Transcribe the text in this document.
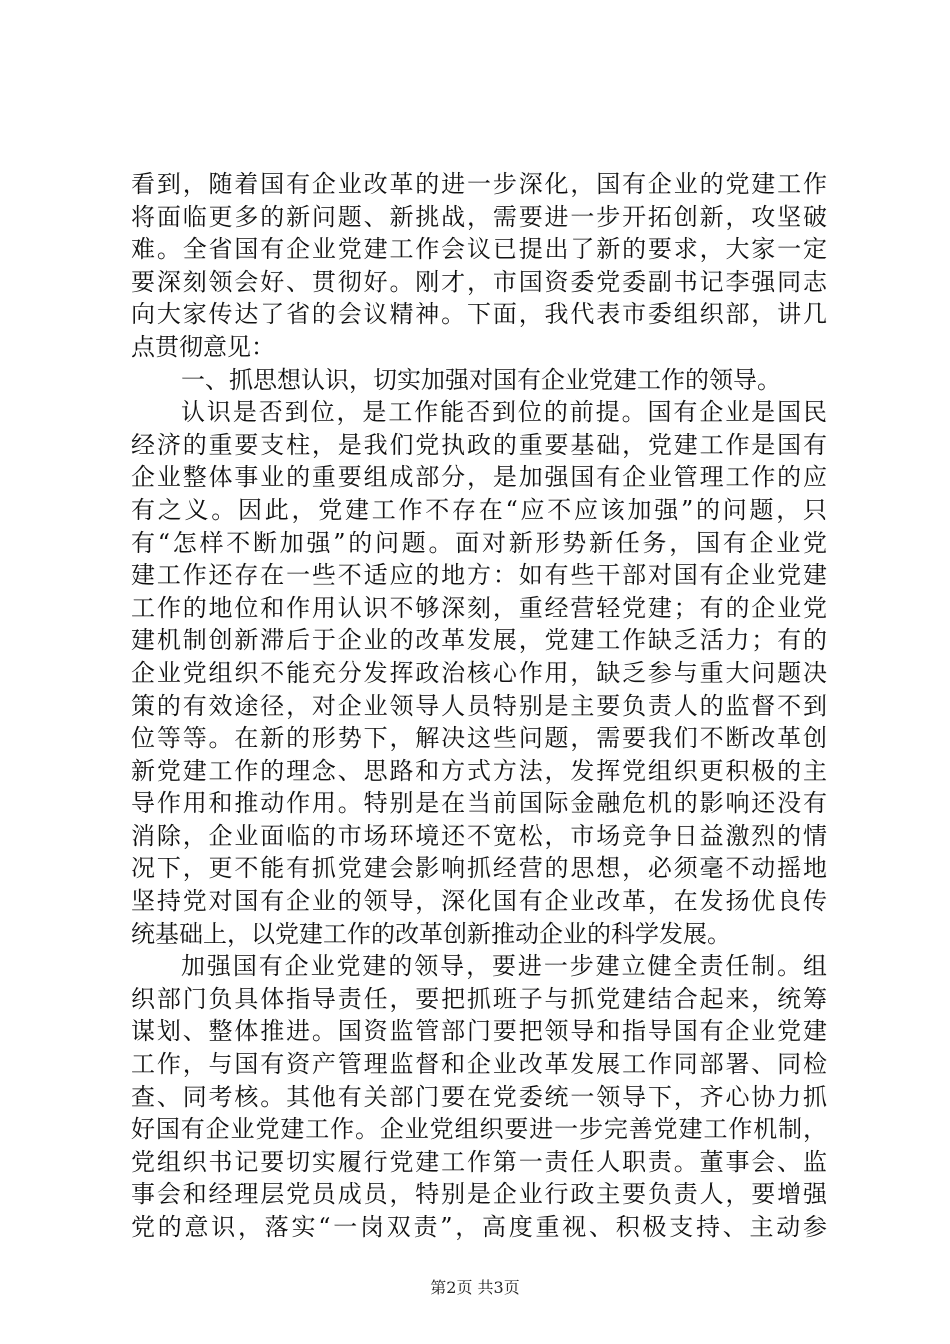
看到，随着国有企业改革的进一步深化，国有企业的党建工作
将面临更多的新问题、新挑战，需要进一步开拓创新，攻坚破
难。全省国有企业党建工作会议已提出了新的要求，大家一定
要深刻领会好、贯彻好。刚才，市国资委党委副书记李强同志
向大家传达了省的会议精神。下面，我代表市委组织部，讲几
点贯彻意见：
一、抓思想认识，切实加强对国有企业党建工作的领导。
认识是否到位，是工作能否到位的前提。国有企业是国民
经济的重要支柱，是我们党执政的重要基础，党建工作是国有
企业整体事业的重要组成部分，是加强国有企业管理工作的应
有之义。因此，党建工作不存在“应不应该加强”的问题，只
有“怎样不断加强”的问题。面对新形势新任务，国有企业党
建工作还存在一些不适应的地方：如有些干部对国有企业党建
工作的地位和作用认识不够深刻，重经营轻党建；有的企业党
建机制创新滞后于企业的改革发展，党建工作缺乏活力；有的
企业党组织不能充分发挥政治核心作用，缺乏参与重大问题决
策的有效途径，对企业领导人员特别是主要负责人的监督不到
位等等。在新的形势下，解决这些问题，需要我们不断改革创
新党建工作的理念、思路和方式方法，发挥党组织更积极的主
导作用和推动作用。特别是在当前国际金融危机的影响还没有
消除，企业面临的市场环境还不宽松，市场竞争日益激烈的情
况下，更不能有抓党建会影响抓经营的思想，必须毫不动摇地
坚持党对国有企业的领导，深化国有企业改革，在发扬优良传
统基础上，以党建工作的改革创新推动企业的科学发展。
加强国有企业党建的领导，要进一步建立健全责任制。组
织部门负具体指导责任，要把抓班子与抓党建结合起来，统筹
谋划、整体推进。国资监管部门要把领导和指导国有企业党建
工作，与国有资产管理监督和企业改革发展工作同部署、同检
查、同考核。其他有关部门要在党委统一领导下，齐心协力抓
好国有企业党建工作。企业党组织要进一步完善党建工作机制，
党组织书记要切实履行党建工作第一责任人职责。董事会、监
事会和经理层党员成员，特别是企业行政主要负责人，要增强
党的意识，落实“一岗双责”，高度重视、积极支持、主动参
第2页 共3页
